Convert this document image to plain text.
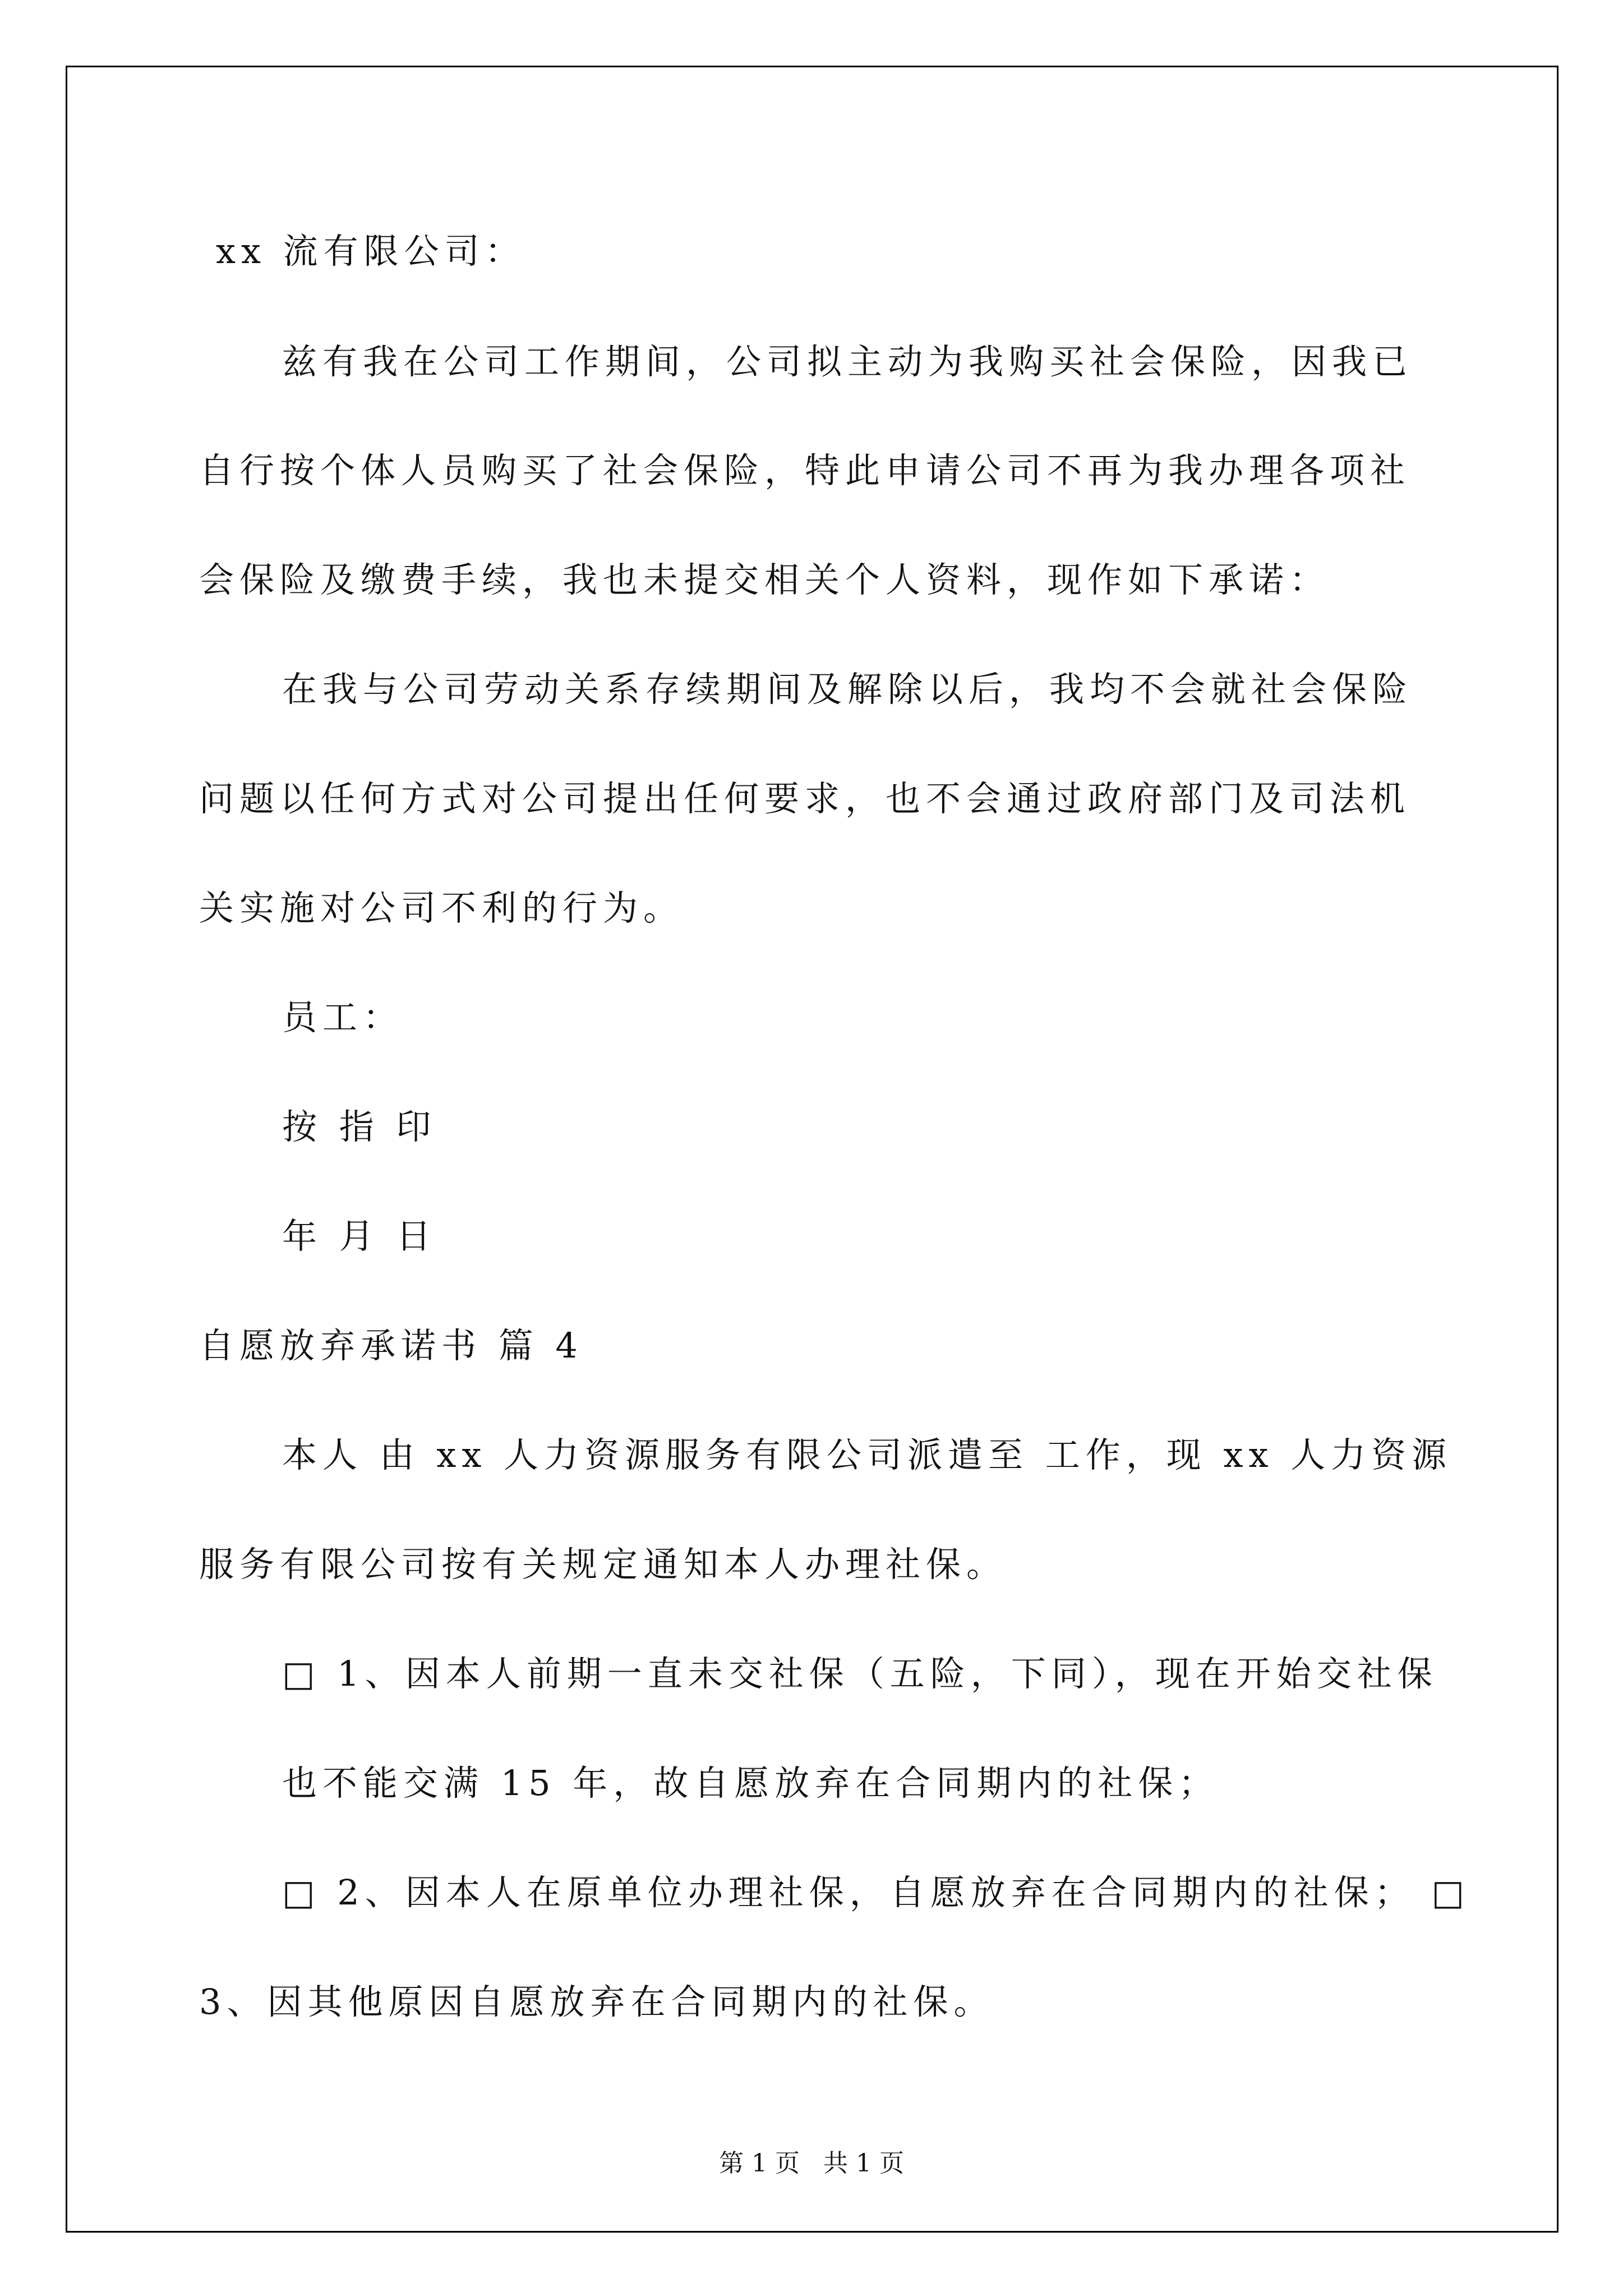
xx 流有限公司：
兹有我在公司工作期间，公司拟主动为我购买社会保险，因我已
自行按个体人员购买了社会保险，特此申请公司不再为我办理各项社
会保险及缴费手续，我也未提交相关个人资料，现作如下承诺：
在我与公司劳动关系存续期间及解除以后，我均不会就社会保险
问题以任何方式对公司提出任何要求，也不会通过政府部门及司法机
关实施对公司不利的行为。
员工：
按 指 印
年 月 日
自愿放弃承诺书 篇 4
本人 由 xx 人力资源服务有限公司派遣至 工作，现 xx 人力资源
服务有限公司按有关规定通知本人办理社保。
□ 1、因本人前期一直未交社保（五险，下同），现在开始交社保
也不能交满 15 年，故自愿放弃在合同期内的社保；
□ 2、因本人在原单位办理社保，自愿放弃在合同期内的社保； □
3、因其他原因自愿放弃在合同期内的社保。
第 1 页 共 1 页
